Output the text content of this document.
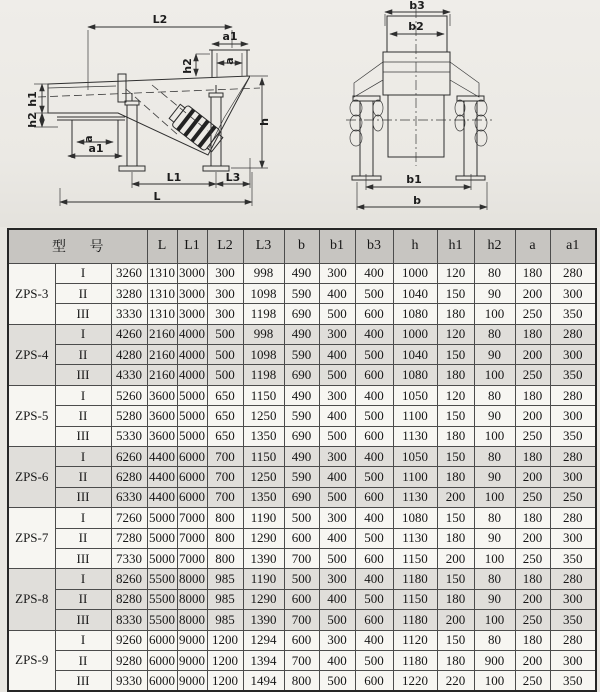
L2
a1
a
h2
h1
h2
a
a1
L1	L3
L
h
b3
b2
b1
b
型 号			L	L1	L2	L3	b	b1	b3	h	h1	h2	a	a1
ZPS-3	I	3260	1310	3000	300	998	490	300	400	1000	120	80	180	280
	II	3280	1310	3000	300	1098	590	400	500	1040	150	90	200	300
	III	3330	1310	3000	300	1198	690	500	600	1080	180	100	250	350
ZPS-4	I	4260	2160	4000	500	998	490	300	400	1000	120	80	180	280
	II	4280	2160	4000	500	1098	590	400	500	1040	150	90	200	300
	III	4330	2160	4000	500	1198	690	500	600	1080	180	100	250	350
ZPS-5	I	5260	3600	5000	650	1150	490	300	400	1050	120	80	180	280
	II	5280	3600	5000	650	1250	590	400	500	1100	150	90	200	300
	III	5330	3600	5000	650	1350	690	500	600	1130	180	100	250	350
ZPS-6	I	6260	4400	6000	700	1150	490	300	400	1050	150	80	180	280
	II	6280	4400	6000	700	1250	590	400	500	1100	180	90	200	300
	III	6330	4400	6000	700	1350	690	500	600	1130	200	100	250	250
ZPS-7	I	7260	5000	7000	800	1190	500	300	400	1080	150	80	180	280
	II	7280	5000	7000	800	1290	600	400	500	1130	180	90	200	300
	III	7330	5000	7000	800	1390	700	500	600	1150	200	100	250	350
ZPS-8	I	8260	5500	8000	985	1190	500	300	400	1180	150	80	180	280
	II	8280	5500	8000	985	1290	600	400	500	1150	180	90	200	300
	III	8330	5500	8000	985	1390	700	500	600	1180	200	100	250	350
ZPS-9	I	9260	6000	9000	1200	1294	600	300	400	1120	150	80	180	280
	II	9280	6000	9000	1200	1394	700	400	500	1180	180	900	200	300
	III	9330	6000	9000	1200	1494	800	500	600	1220	220	100	250	350
